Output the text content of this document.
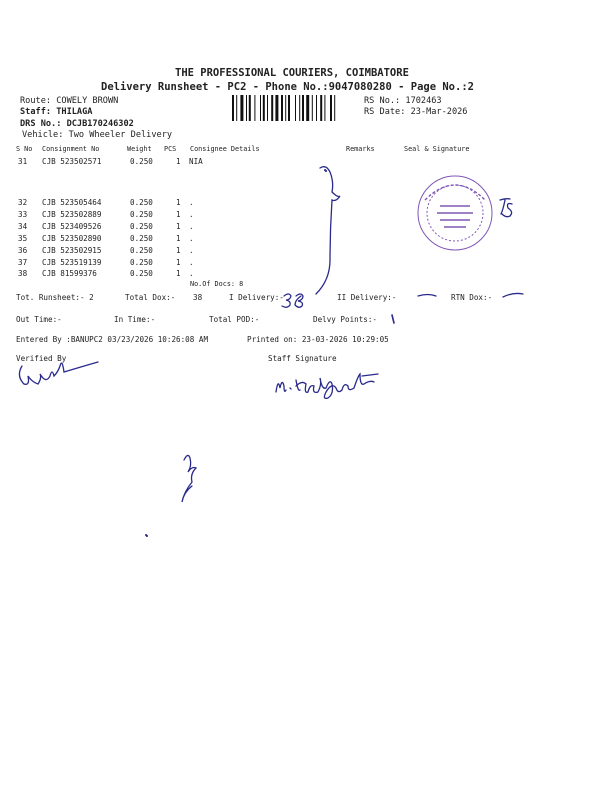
THE PROFESSIONAL COURIERS, COIMBATORE
Delivery Runsheet - PC2 - Phone No.:9047080280 - Page No.:2
Route: COWELY BROWN
Staff: THILAGA
DRS No.: DCJB170246302
Vehicle: Two Wheeler Delivery
RS No.: 1702463
RS Date: 23-Mar-2026
S No Consignment No	Weight PCS Consignee Details	Remarks	Seal & Signature
31 CJB 523502571	0.250	1 NIA
32 CJB 523505464	0.250	1 .
33 CJB 523502889	0.250	1 .
34 CJB 523409526	0.250	1 .
35 CJB 523502890	0.250	1 .
36 CJB 523502915	0.250	1 .
37 CJB 523519139	0.250	1 .
38 CJB 81599376	0.250	1 .
No.Of Docs: 8
Tot. Runsheet:- 2	Total Dox:- 38	I Delivery:-	II Delivery:-	RTN Dox:-
Out Time:-	In Time:-	Total POD:-	Delvy Points:-
Entered By :BANUPC2 03/23/2026 10:26:08 AM	Printed on: 23-03-2026 10:29:05
Verified By	Staff Signature
